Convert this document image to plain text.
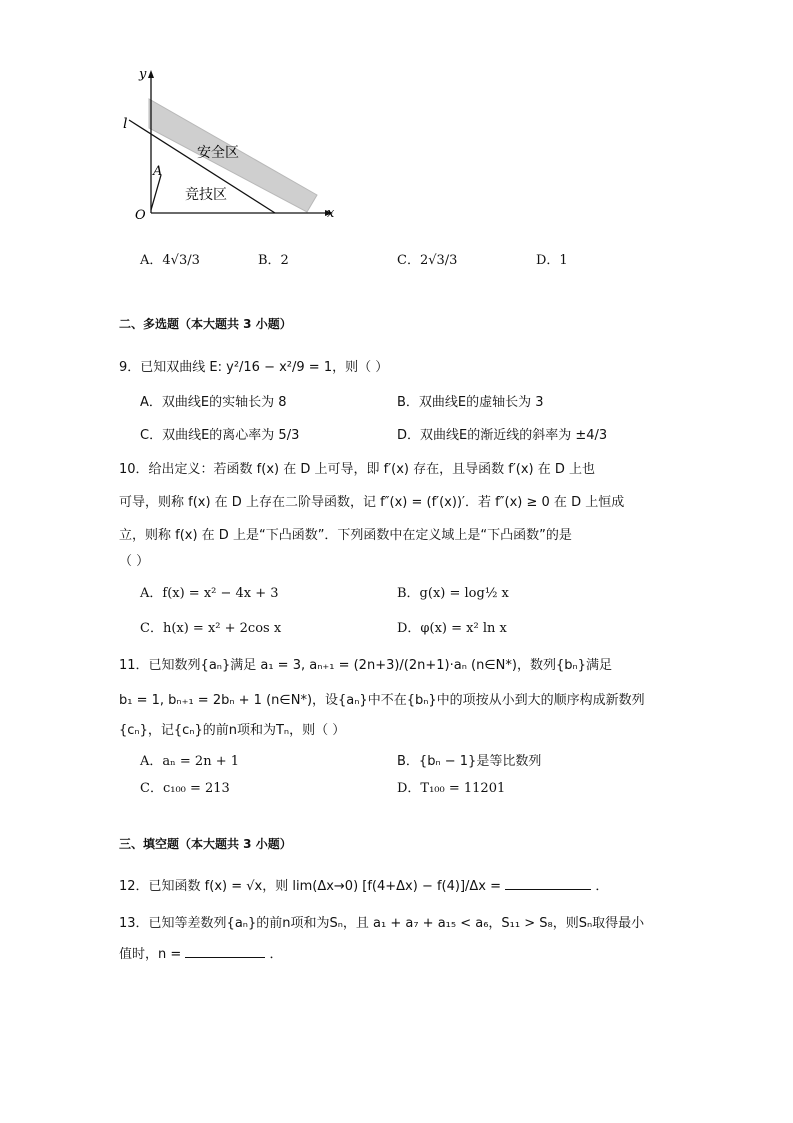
y
x
O
l
A
安全区
竞技区
A．4√3/3	B．2	C．2√3/3	D．1
二、多选题（本大题共 3 小题）
9．已知双曲线 E: y²/16 − x²/9 = 1，则（ ）
A．双曲线E的实轴长为 8	B．双曲线E的虚轴长为 3
C．双曲线E的离心率为 5/3	D．双曲线E的渐近线的斜率为 ±4/3
10．给出定义：若函数 f(x) 在 D 上可导，即 f′(x) 存在，且导函数 f′(x) 在 D 上也
可导，则称 f(x) 在 D 上存在二阶导函数，记 f″(x) = (f′(x))′．若 f″(x) ≥ 0 在 D 上恒成
立，则称 f(x) 在 D 上是“下凸函数”．下列函数中在定义域上是“下凸函数”的是
（ ）
A．f(x) = x² − 4x + 3	B．g(x) = log½ x
C．h(x) = x² + 2cos x	D．φ(x) = x² ln x
11．已知数列{aₙ}满足 a₁ = 3, aₙ₊₁ = (2n+3)/(2n+1)·aₙ (n∈N*)，数列{bₙ}满足
b₁ = 1, bₙ₊₁ = 2bₙ + 1 (n∈N*)，设{aₙ}中不在{bₙ}中的项按从小到大的顺序构成新数列
{cₙ}，记{cₙ}的前n项和为Tₙ，则（ ）
A．aₙ = 2n + 1	B．{bₙ − 1}是等比数列
C．c₁₀₀ = 213	D．T₁₀₀ = 11201
三、填空题（本大题共 3 小题）
12．已知函数 f(x) = √x，则 lim(Δx→0) [f(4+Δx) − f(4)]/Δx =	．
13．已知等差数列{aₙ}的前n项和为Sₙ，且 a₁ + a₇ + a₁₅ < a₆，S₁₁ > S₈，则Sₙ取得最小
值时，n =	．
